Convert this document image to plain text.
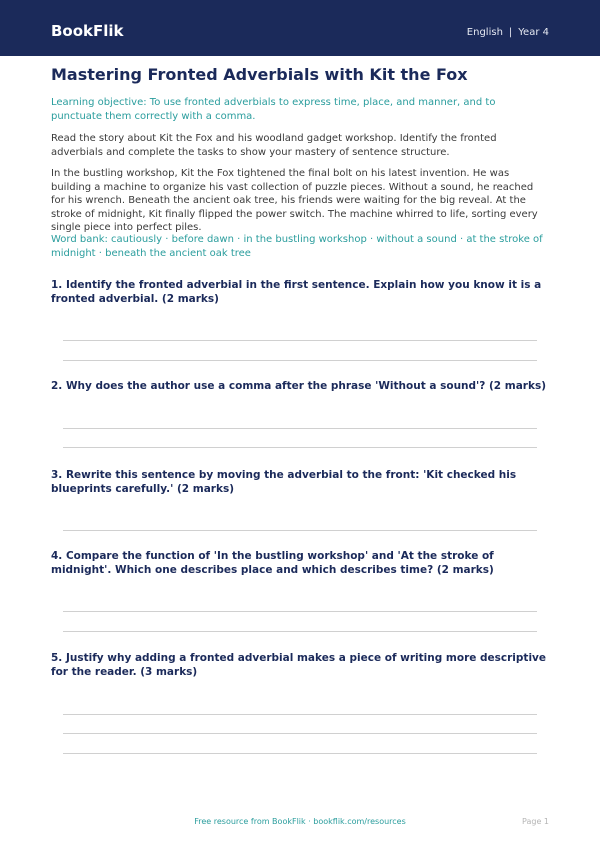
BookFlik	English | Year 4
Mastering Fronted Adverbials with Kit the Fox

Learning objective: To use fronted adverbials to express time, place, and manner, and to punctuate them correctly with a comma.

Read the story about Kit the Fox and his woodland gadget workshop. Identify the fronted adverbials and complete the tasks to show your mastery of sentence structure.

In the bustling workshop, Kit the Fox tightened the final bolt on his latest invention. He was building a machine to organize his vast collection of puzzle pieces. Without a sound, he reached for his wrench. Beneath the ancient oak tree, his friends were waiting for the big reveal. At the stroke of midnight, Kit finally flipped the power switch. The machine whirred to life, sorting every single piece into perfect piles.

Word bank: cautiously · before dawn · in the bustling workshop · without a sound · at the stroke of midnight · beneath the ancient oak tree

1. Identify the fronted adverbial in the first sentence. Explain how you know it is a fronted adverbial. (2 marks)

2. Why does the author use a comma after the phrase 'Without a sound'? (2 marks)

3. Rewrite this sentence by moving the adverbial to the front: 'Kit checked his blueprints carefully.' (2 marks)

4. Compare the function of 'In the bustling workshop' and 'At the stroke of midnight'. Which one describes place and which describes time? (2 marks)

5. Justify why adding a fronted adverbial makes a piece of writing more descriptive for the reader. (3 marks)

Free resource from BookFlik · bookflik.com/resources	Page 1
